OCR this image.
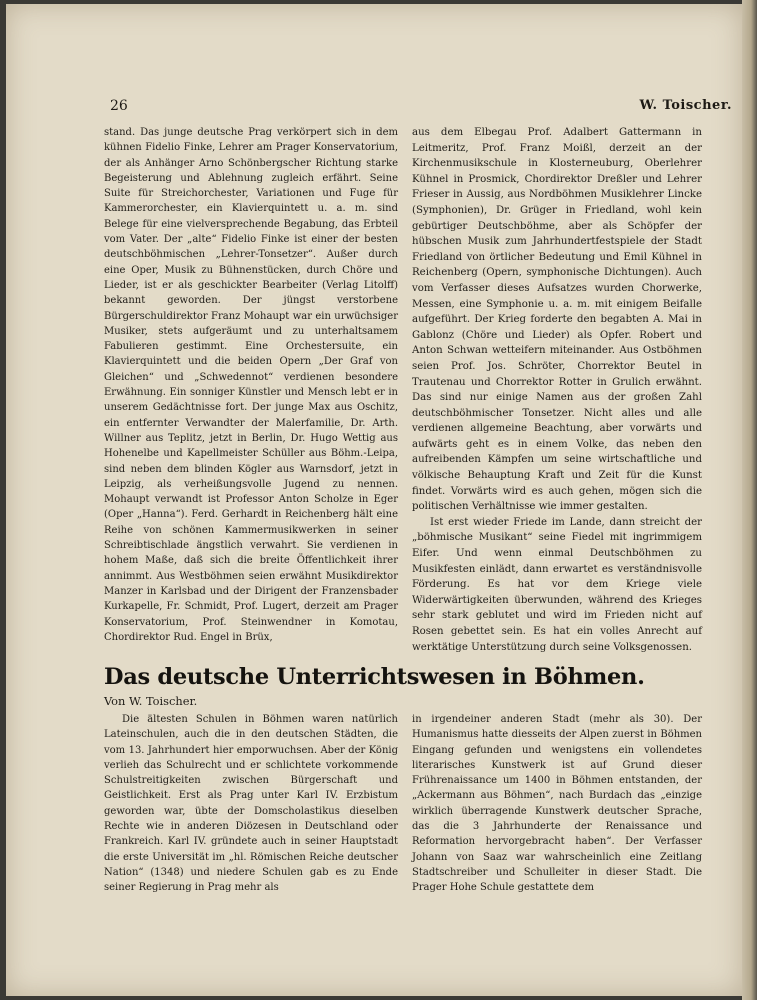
26	W. Toischer.

stand. Das junge deutsche Prag verkörpert sich in dem kühnen Fidelio Finke, Lehrer am Prager Konservatorium, der als Anhänger Arno Schönbergscher Richtung starke Begeisterung und Ablehnung zugleich erfährt. Seine Suite für Streichorchester, Variationen und Fuge für Kammerorchester, ein Klavierquintett u. a. m. sind Belege für eine vielversprechende Begabung, das Erbteil vom Vater. Der „alte“ Fidelio Finke ist einer der besten deutschböhmischen „Lehrer-Tonsetzer“. Außer durch eine Oper, Musik zu Bühnenstücken, durch Chöre und Lieder, ist er als geschickter Bearbeiter (Verlag Litolff) bekannt geworden. Der jüngst verstorbene Bürgerschuldirektor Franz Mohaupt war ein urwüchsiger Musiker, stets aufgeräumt und zu unterhaltsamem Fabulieren gestimmt. Eine Orchestersuite, ein Klavierquintett und die beiden Opern „Der Graf von Gleichen“ und „Schwedennot“ verdienen besondere Erwähnung. Ein sonniger Künstler und Mensch lebt er in unserem Gedächtnisse fort. Der junge Max aus Oschitz, ein entfernter Verwandter der Malerfamilie, Dr. Arth. Willner aus Teplitz, jetzt in Berlin, Dr. Hugo Wettig aus Hohenelbe und Kapellmeister Schüller aus Böhm.-Leipa, sind neben dem blinden Kögler aus Warnsdorf, jetzt in Leipzig, als verheißungsvolle Jugend zu nennen. Mohaupt verwandt ist Professor Anton Scholze in Eger (Oper „Hanna“). Ferd. Gerhardt in Reichenberg hält eine Reihe von schönen Kammermusikwerken in seiner Schreibtischlade ängstlich verwahrt. Sie verdienen in hohem Maße, daß sich die breite Öffentlichkeit ihrer annimmt. Aus Westböhmen seien erwähnt Musikdirektor Manzer in Karlsbad und der Dirigent der Franzensbader Kurkapelle, Fr. Schmidt, Prof. Lugert, derzeit am Prager Konservatorium, Prof. Steinwendner in Komotau, Chordirektor Rud. Engel in Brüx,

aus dem Elbegau Prof. Adalbert Gattermann in Leitmeritz, Prof. Franz Moißl, derzeit an der Kirchenmusikschule in Klosterneuburg, Oberlehrer Kühnel in Prosmick, Chordirektor Dreßler und Lehrer Frieser in Aussig, aus Nordböhmen Musiklehrer Lincke (Symphonien), Dr. Grüger in Friedland, wohl kein gebürtiger Deutschböhme, aber als Schöpfer der hübschen Musik zum Jahrhundertfestspiele der Stadt Friedland von örtlicher Bedeutung und Emil Kühnel in Reichenberg (Opern, symphonische Dichtungen). Auch vom Verfasser dieses Aufsatzes wurden Chorwerke, Messen, eine Symphonie u. a. m. mit einigem Beifalle aufgeführt. Der Krieg forderte den begabten A. Mai in Gablonz (Chöre und Lieder) als Opfer. Robert und Anton Schwan wetteifern miteinander. Aus Ostböhmen seien Prof. Jos. Schröter, Chorrektor Beutel in Trautenau und Chorrektor Rotter in Grulich erwähnt. Das sind nur einige Namen aus der großen Zahl deutschböhmischer Tonsetzer. Nicht alles und alle verdienen allgemeine Beachtung, aber vorwärts und aufwärts geht es in einem Volke, das neben den aufreibenden Kämpfen um seine wirtschaftliche und völkische Behauptung Kraft und Zeit für die Kunst findet. Vorwärts wird es auch gehen, mögen sich die politischen Verhältnisse wie immer gestalten.

Ist erst wieder Friede im Lande, dann streicht der „böhmische Musikant“ seine Fiedel mit ingrimmigem Eifer. Und wenn einmal Deutschböhmen zu Musikfesten einlädt, dann erwartet es verständnisvolle Förderung. Es hat vor dem Kriege viele Widerwärtigkeiten überwunden, während des Krieges sehr stark geblutet und wird im Frieden nicht auf Rosen gebettet sein. Es hat ein volles Anrecht auf werktätige Unterstützung durch seine Volksgenossen.

Das deutsche Unterrichtswesen in Böhmen.
Von W. Toischer.

Die ältesten Schulen in Böhmen waren natürlich Lateinschulen, auch die in den deutschen Städten, die vom 13. Jahrhundert hier emporwuchsen. Aber der König verlieh das Schulrecht und er schlichtete vorkommende Schulstreitigkeiten zwischen Bürgerschaft und Geistlichkeit. Erst als Prag unter Karl IV. Erzbistum geworden war, übte der Domscholastikus dieselben Rechte wie in anderen Diözesen in Deutschland oder Frankreich. Karl IV. gründete auch in seiner Hauptstadt die erste Universität im „hl. Römischen Reiche deutscher Nation“ (1348) und niedere Schulen gab es zu Ende seiner Regierung in Prag mehr als

in irgendeiner anderen Stadt (mehr als 30). Der Humanismus hatte diesseits der Alpen zuerst in Böhmen Eingang gefunden und wenigstens ein vollendetes literarisches Kunstwerk ist auf Grund dieser Frührenaissance um 1400 in Böhmen entstanden, der „Ackermann aus Böhmen“, nach Burdach das „einzige wirklich überragende Kunstwerk deutscher Sprache, das die 3 Jahrhunderte der Renaissance und Reformation hervorgebracht haben“. Der Verfasser Johann von Saaz war wahrscheinlich eine Zeitlang Stadtschreiber und Schulleiter in dieser Stadt. Die Prager Hohe Schule gestattete dem
